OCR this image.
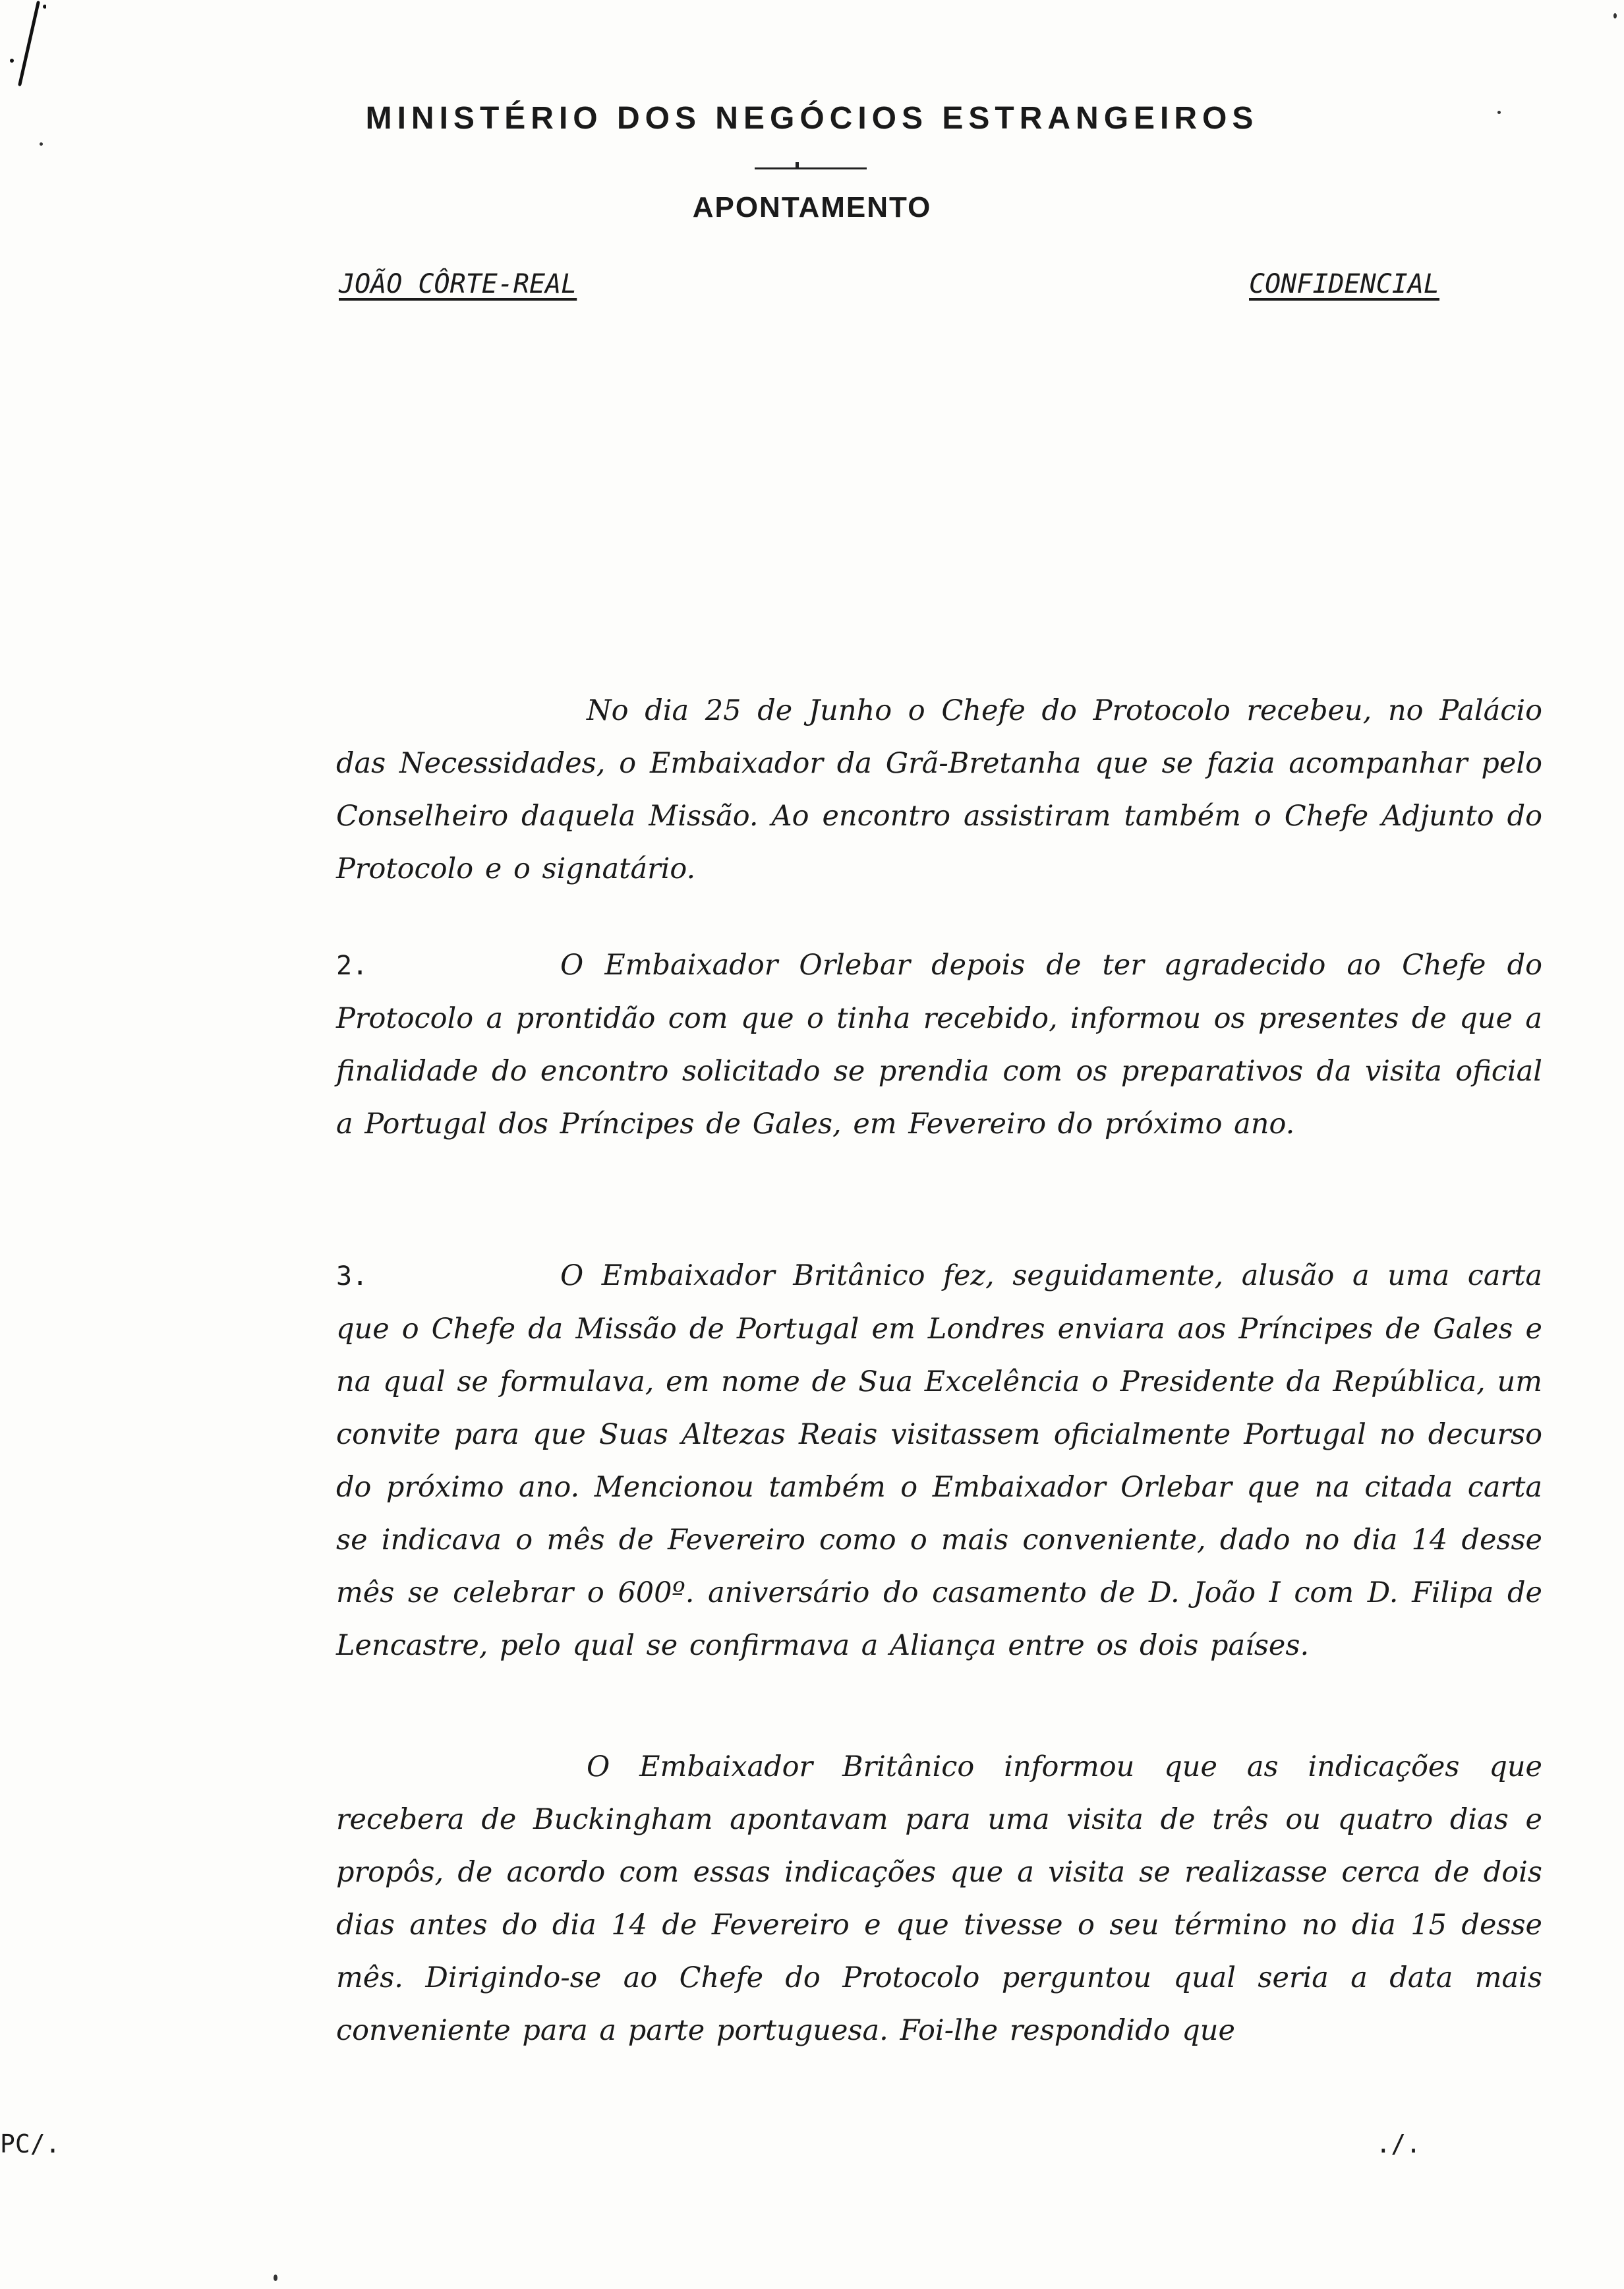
MINISTÉRIO DOS NEGÓCIOS ESTRANGEIROS
APONTAMENTO
JOÃO CÔRTE-REAL	CONFIDENCIAL
No dia 25 de Junho o Chefe do Protocolo recebeu, no Palácio das Necessidades, o Embaixador da Grã-Bretanha que se fazia acompanhar pelo Conselheiro daquela Missão. Ao encontro assistiram também o Chefe Adjunto do Protocolo e o signatário.
2.	O Embaixador Orlebar depois de ter agradecido ao Chefe do Protocolo a prontidão com que o tinha recebido, informou os presentes de que a finalidade do encontro solicitado se prendia com os preparativos da visita oficial a Portugal dos Príncipes de Gales, em Fevereiro do próximo ano.
3.	O Embaixador Britânico fez, seguidamente, alusão a uma carta que o Chefe da Missão de Portugal em Londres enviara aos Príncipes de Gales e na qual se formulava, em nome de Sua Excelência o Presidente da República, um convite para que Suas Altezas Reais visitassem oficialmente Portugal no decurso do próximo ano. Mencionou também o Embaixador Orlebar que na citada carta se indicava o mês de Fevereiro como o mais conveniente, dado no dia 14 desse mês se celebrar o 600º. aniversário do casamento de D. João I com D. Filipa de Lencastre, pelo qual se confirmava a Aliança entre os dois países.
O Embaixador Britânico informou que as indicações que recebera de Buckingham apontavam para uma visita de três ou quatro dias e propôs, de acordo com essas indicações que a visita se realizasse cerca de dois dias antes do dia 14 de Fevereiro e que tivesse o seu término no dia 15 desse mês. Dirigindo-se ao Chefe do Protocolo perguntou qual seria a data mais conveniente para a parte portuguesa. Foi-lhe respondido que
PC/.	./.
